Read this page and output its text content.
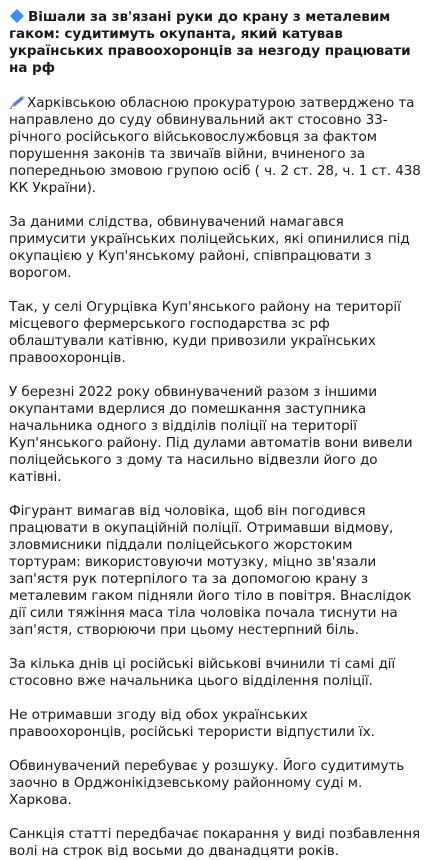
Вішали за зв'язані руки до крану з металевим гаком: судитимуть окупанта, який катував українських правоохоронців за незгоду працювати на рф

Харківською обласною прокуратурою затверджено та направлено до суду обвинувальний акт стосовно 33-річного російського військовослужбовця за фактом порушення законів та звичаїв війни, вчиненого за попередньою змовою групою осіб ( ч. 2 ст. 28, ч. 1 ст. 438 КК України).

За даними слідства, обвинувачений намагався примусити українських поліцейських, які опинилися під окупацією у Куп'янському районі, співпрацювати з ворогом.

Так, у селі Огурцівка Куп'янського району на території місцевого фермерського господарства зс рф облаштували катівню, куди привозили українських правоохоронців.

У березні 2022 року обвинувачений разом з іншими окупантами вдерлися до помешкання заступника начальника одного з відділів поліції на території Куп'янського району. Під дулами автоматів вони вивели поліцейського з дому та насильно відвезли його до катівні.

Фігурант вимагав від чоловіка, щоб він погодився працювати в окупаційній поліції. Отримавши відмову, зловмисники піддали поліцейського жорстоким тортурам: використовуючи мотузку, міцно зв'язали зап'ястя рук потерпілого та за допомогою крану з металевим гаком підняли його тіло в повітря. Внаслідок дії сили тяжіння маса тіла чоловіка почала тиснути на зап'ястя, створюючи при цьому нестерпний біль.

За кілька днів ці російські військові вчинили ті самі дії стосовно вже начальника цього відділення поліції.

Не отримавши згоду від обох українських правоохоронців, російські терористи відпустили їх.

Обвинувачений перебуває у розшуку. Його судитимуть заочно в Орджонікідзевському районному суді м. Харкова.

Санкція статті передбачає покарання у виді позбавлення волі на строк від восьми до дванадцяти років.
